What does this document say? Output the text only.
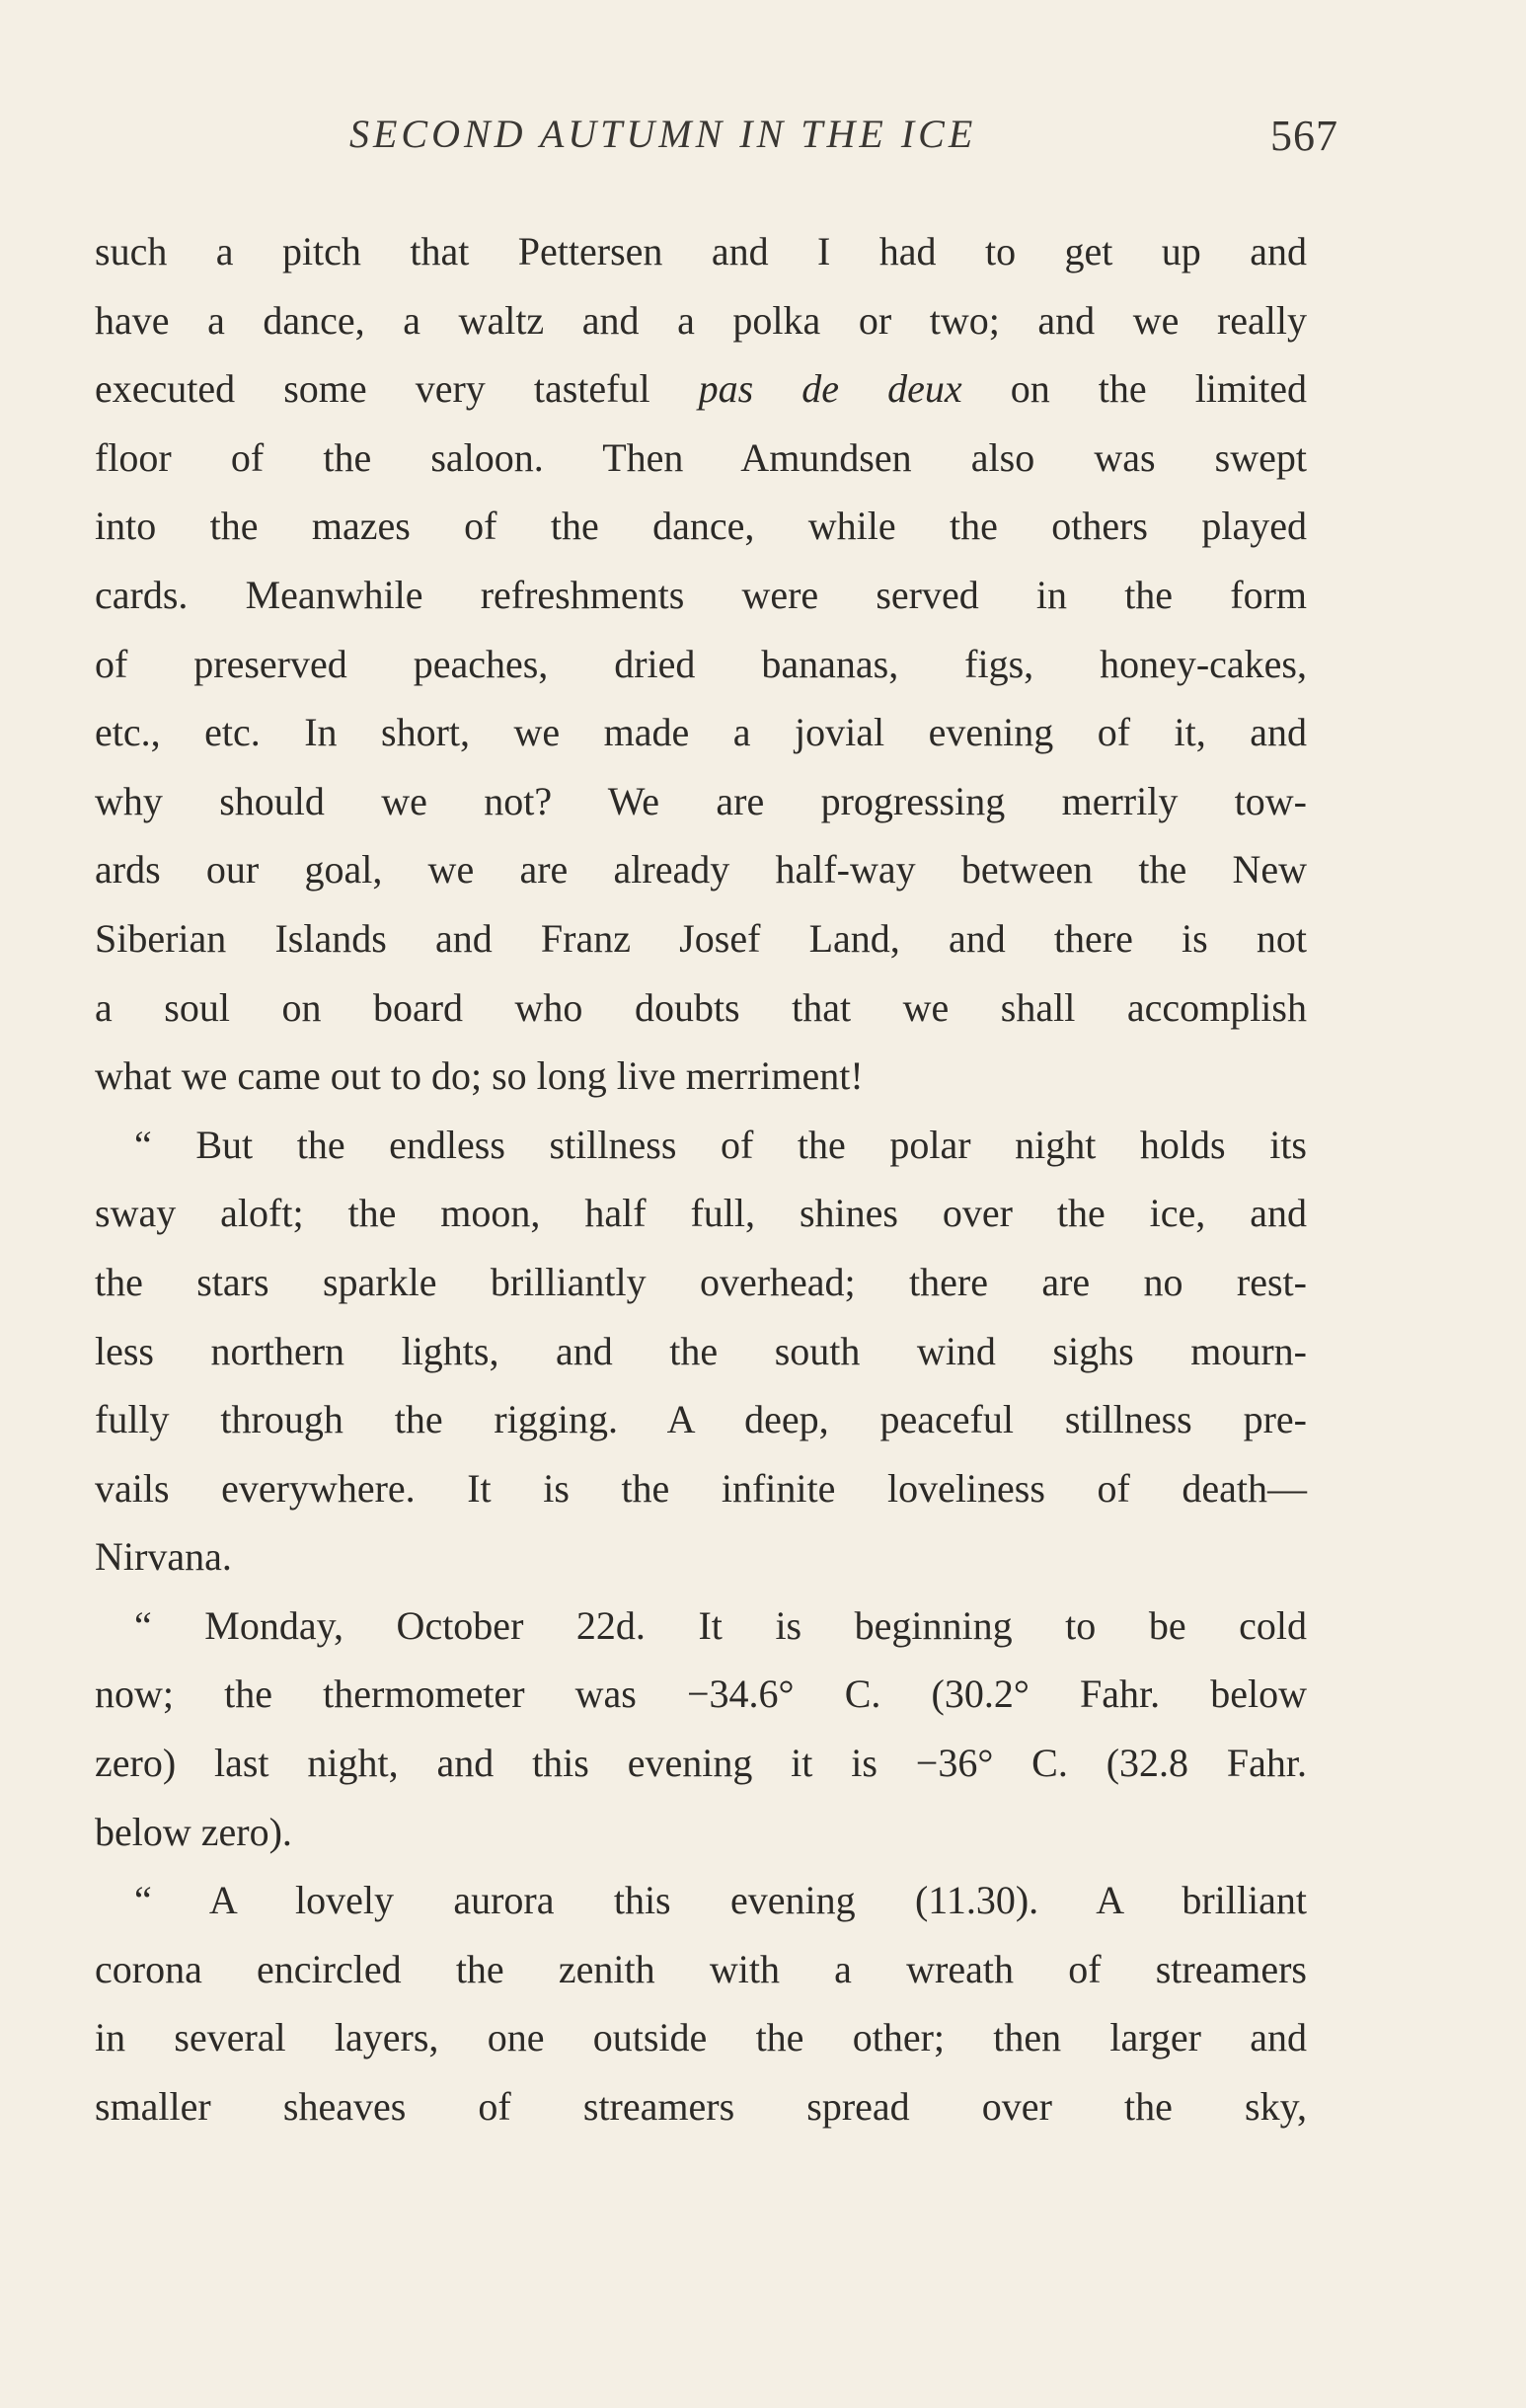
SECOND AUTUMN IN THE ICE	567
such a pitch that Pettersen and I had to get up and
have a dance, a waltz and a polka or two; and we really
executed some very tasteful pas de deux on the limited
floor of the saloon. Then Amundsen also was swept
into the mazes of the dance, while the others played
cards. Meanwhile refreshments were served in the form
of preserved peaches, dried bananas, figs, honey-cakes,
etc., etc. In short, we made a jovial evening of it, and
why should we not? We are progressing merrily tow-
ards our goal, we are already half-way between the New
Siberian Islands and Franz Josef Land, and there is not
a soul on board who doubts that we shall accomplish
what we came out to do; so long live merriment!
“ But the endless stillness of the polar night holds its
sway aloft; the moon, half full, shines over the ice, and
the stars sparkle brilliantly overhead; there are no rest-
less northern lights, and the south wind sighs mourn-
fully through the rigging. A deep, peaceful stillness pre-
vails everywhere. It is the infinite loveliness of death—
Nirvana.
“ Monday, October 22d. It is beginning to be cold
now; the thermometer was −34.6° C. (30.2° Fahr. below
zero) last night, and this evening it is −36° C. (32.8 Fahr.
below zero).
“ A lovely aurora this evening (11.30). A brilliant
corona encircled the zenith with a wreath of streamers
in several layers, one outside the other; then larger and
smaller sheaves of streamers spread over the sky,
